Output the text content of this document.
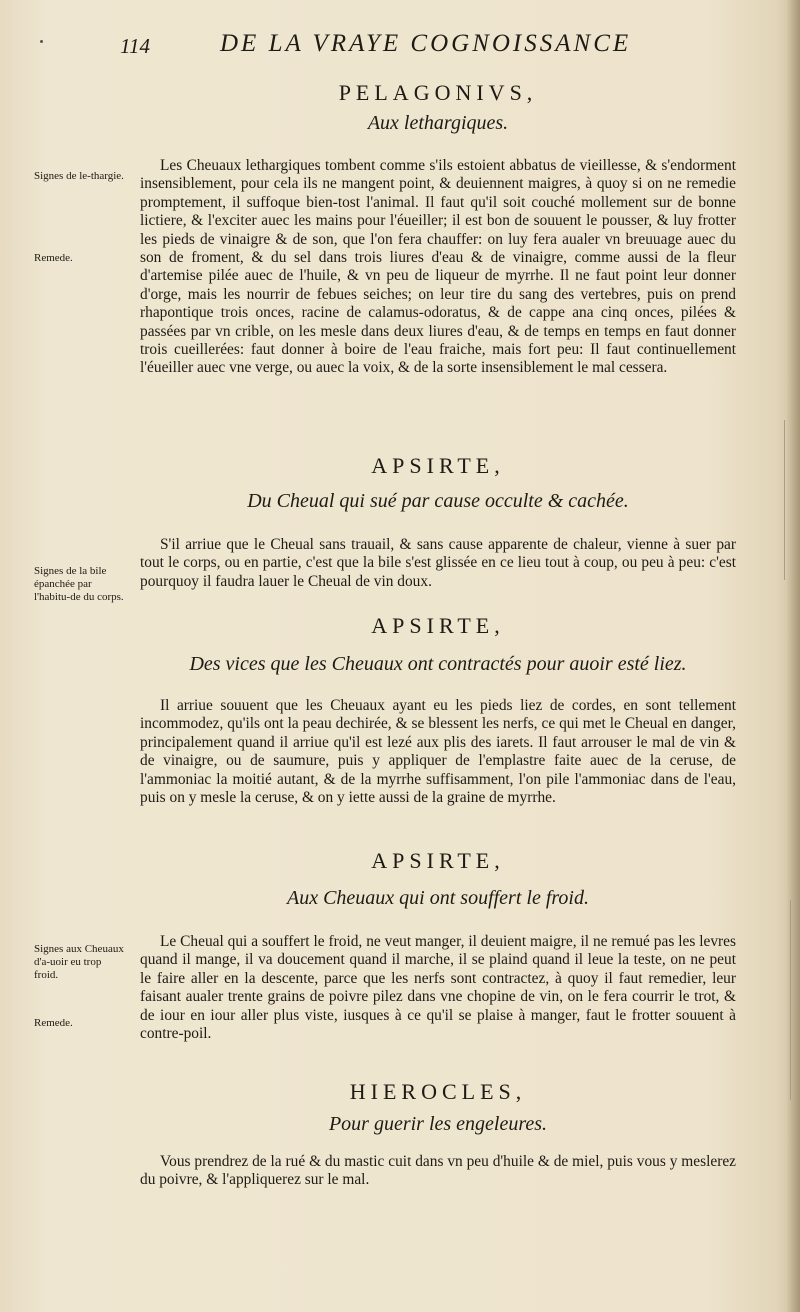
114	DE LA VRAYE COGNOISSANCE
PELAGONIVS,
Aux lethargiques.

Les Cheuaux lethargiques tombent comme s'ils estoient abbatus de vieillesse, & s'endorment insensiblement, pour cela ils ne mangent point, & deuiennent maigres, à quoy si on ne remedie promptement, il suffoque bien-tost l'animal. Il faut qu'il soit couché mollement sur de bonne lictiere, & l'exciter auec les mains pour l'éueiller; il est bon de souuent le pousser, & luy frotter les pieds de vinaigre & de son, que l'on fera chauffer: on luy fera aualer vn breuuage auec du son de froment, & du sel dans trois liures d'eau & de vinaigre, comme aussi de la fleur d'artemise pilée auec de l'huile, & vn peu de liqueur de myrrhe. Il ne faut point leur donner d'orge, mais les nourrir de febues seiches; on leur tire du sang des vertebres, puis on prend rhapontique trois onces, racine de calamus-odoratus, & de cappe ana cinq onces, pilées & passées par vn crible, on les mesle dans deux liures d'eau, & de temps en temps en faut donner trois cueillerées: faut donner à boire de l'eau fraiche, mais fort peu: Il faut continuellement l'éueiller auec vne verge, ou auec la voix, & de la sorte insensiblement le mal cessera.

APSIRTE,
Du Cheual qui sué par cause occulte & cachée.

S'il arriue que le Cheual sans trauail, & sans cause apparente de chaleur, vienne à suer par tout le corps, ou en partie, c'est que la bile s'est glissée en ce lieu tout à coup, ou peu à peu: c'est pourquoy il faudra lauer le Cheual de vin doux.

APSIRTE,
Des vices que les Cheuaux ont contractés pour auoir esté liez.

Il arriue souuent que les Cheuaux ayant eu les pieds liez de cordes, en sont tellement incommodez, qu'ils ont la peau dechirée, & se blessent les nerfs, ce qui met le Cheual en danger, principalement quand il arriue qu'il est lezé aux plis des iarets. Il faut arrouser le mal de vin & de vinaigre, ou de saumure, puis y appliquer de l'emplastre faite auec de la ceruse, de l'ammoniac la moitié autant, & de la myrrhe suffisamment, l'on pile l'ammoniac dans de l'eau, puis on y mesle la ceruse, & on y iette aussi de la graine de myrrhe.

APSIRTE,
Aux Cheuaux qui ont souffert le froid.

Le Cheual qui a souffert le froid, ne veut manger, il deuient maigre, il ne remué pas les levres quand il mange, il va doucement quand il marche, il se plaind quand il leue la teste, on ne peut le faire aller en la descente, parce que les nerfs sont contractez, à quoy il faut remedier, leur faisant aualer trente grains de poivre pilez dans vne chopine de vin, on le fera courrir le trot, & de iour en iour aller plus viste, iusques à ce qu'il se plaise à manger, faut le frotter souuent à contre-poil.

HIEROCLES,
Pour guerir les engeleures.

Vous prendrez de la rué & du mastic cuit dans vn peu d'huile & de miel, puis vous y meslerez du poivre, & l'appliquerez sur le mal.

Signes de le-thargie.

Remede.

Signes de la bile épanchée par l'habitu-de du corps.

Signes aux Cheuaux d'a-uoir eu trop froid.

Remede.
